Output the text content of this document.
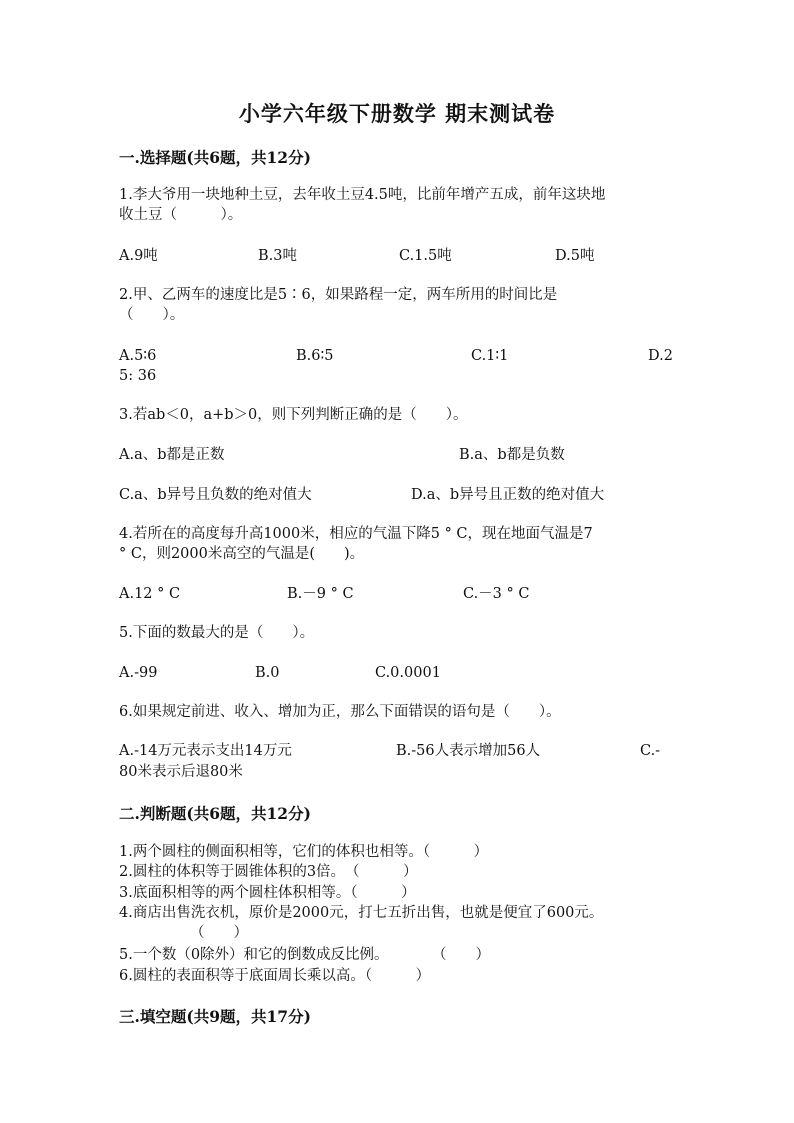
小学六年级下册数学 期末测试卷
一.选择题(共6题，共12分)
1.李大爷用一块地种土豆，去年收土豆4.5吨，比前年增产五成，前年这块地
收土豆（　　　）。
A.9吨	B.3吨	C.1.5吨	D.5吨
2.甲、乙两车的速度比是5∶6，如果路程一定，两车所用的时间比是
（　　）。
A.5∶6	B.6∶5	C.1∶1	D.2
5: 36
3.若ab＜0，a+b＞0，则下列判断正确的是（　　）。
A.a、b都是正数	B.a、b都是负数
C.a、b异号且负数的绝对值大	D.a、b异号且正数的绝对值大
4.若所在的高度每升高1000米，相应的气温下降5 ° C，现在地面气温是7
° C，则2000米高空的气温是(　　)。
A.12 ° C	B.－9 ° C	C.－3 ° C
5.下面的数最大的是（　　）。
A.-99	B.0	C.0.0001
6.如果规定前进、收入、增加为正，那么下面错误的语句是（　　）。
A.-14万元表示支出14万元	B.-56人表示增加56人	C.-
80米表示后退80米
二.判断题(共6题，共12分)
1.两个圆柱的侧面积相等，它们的体积也相等。（　　　）
2.圆柱的体积等于圆锥体积的3倍。　（　　　）
3.底面积相等的两个圆柱体积相等。（　　　）
4.商店出售洗衣机，原价是2000元，打七五折出售，也就是便宜了600元。
（　　）
5.一个数（0除外）和它的倒数成反比例。　　　　（　　）
6.圆柱的表面积等于底面周长乘以高。（　　　）
三.填空题(共9题，共17分)
